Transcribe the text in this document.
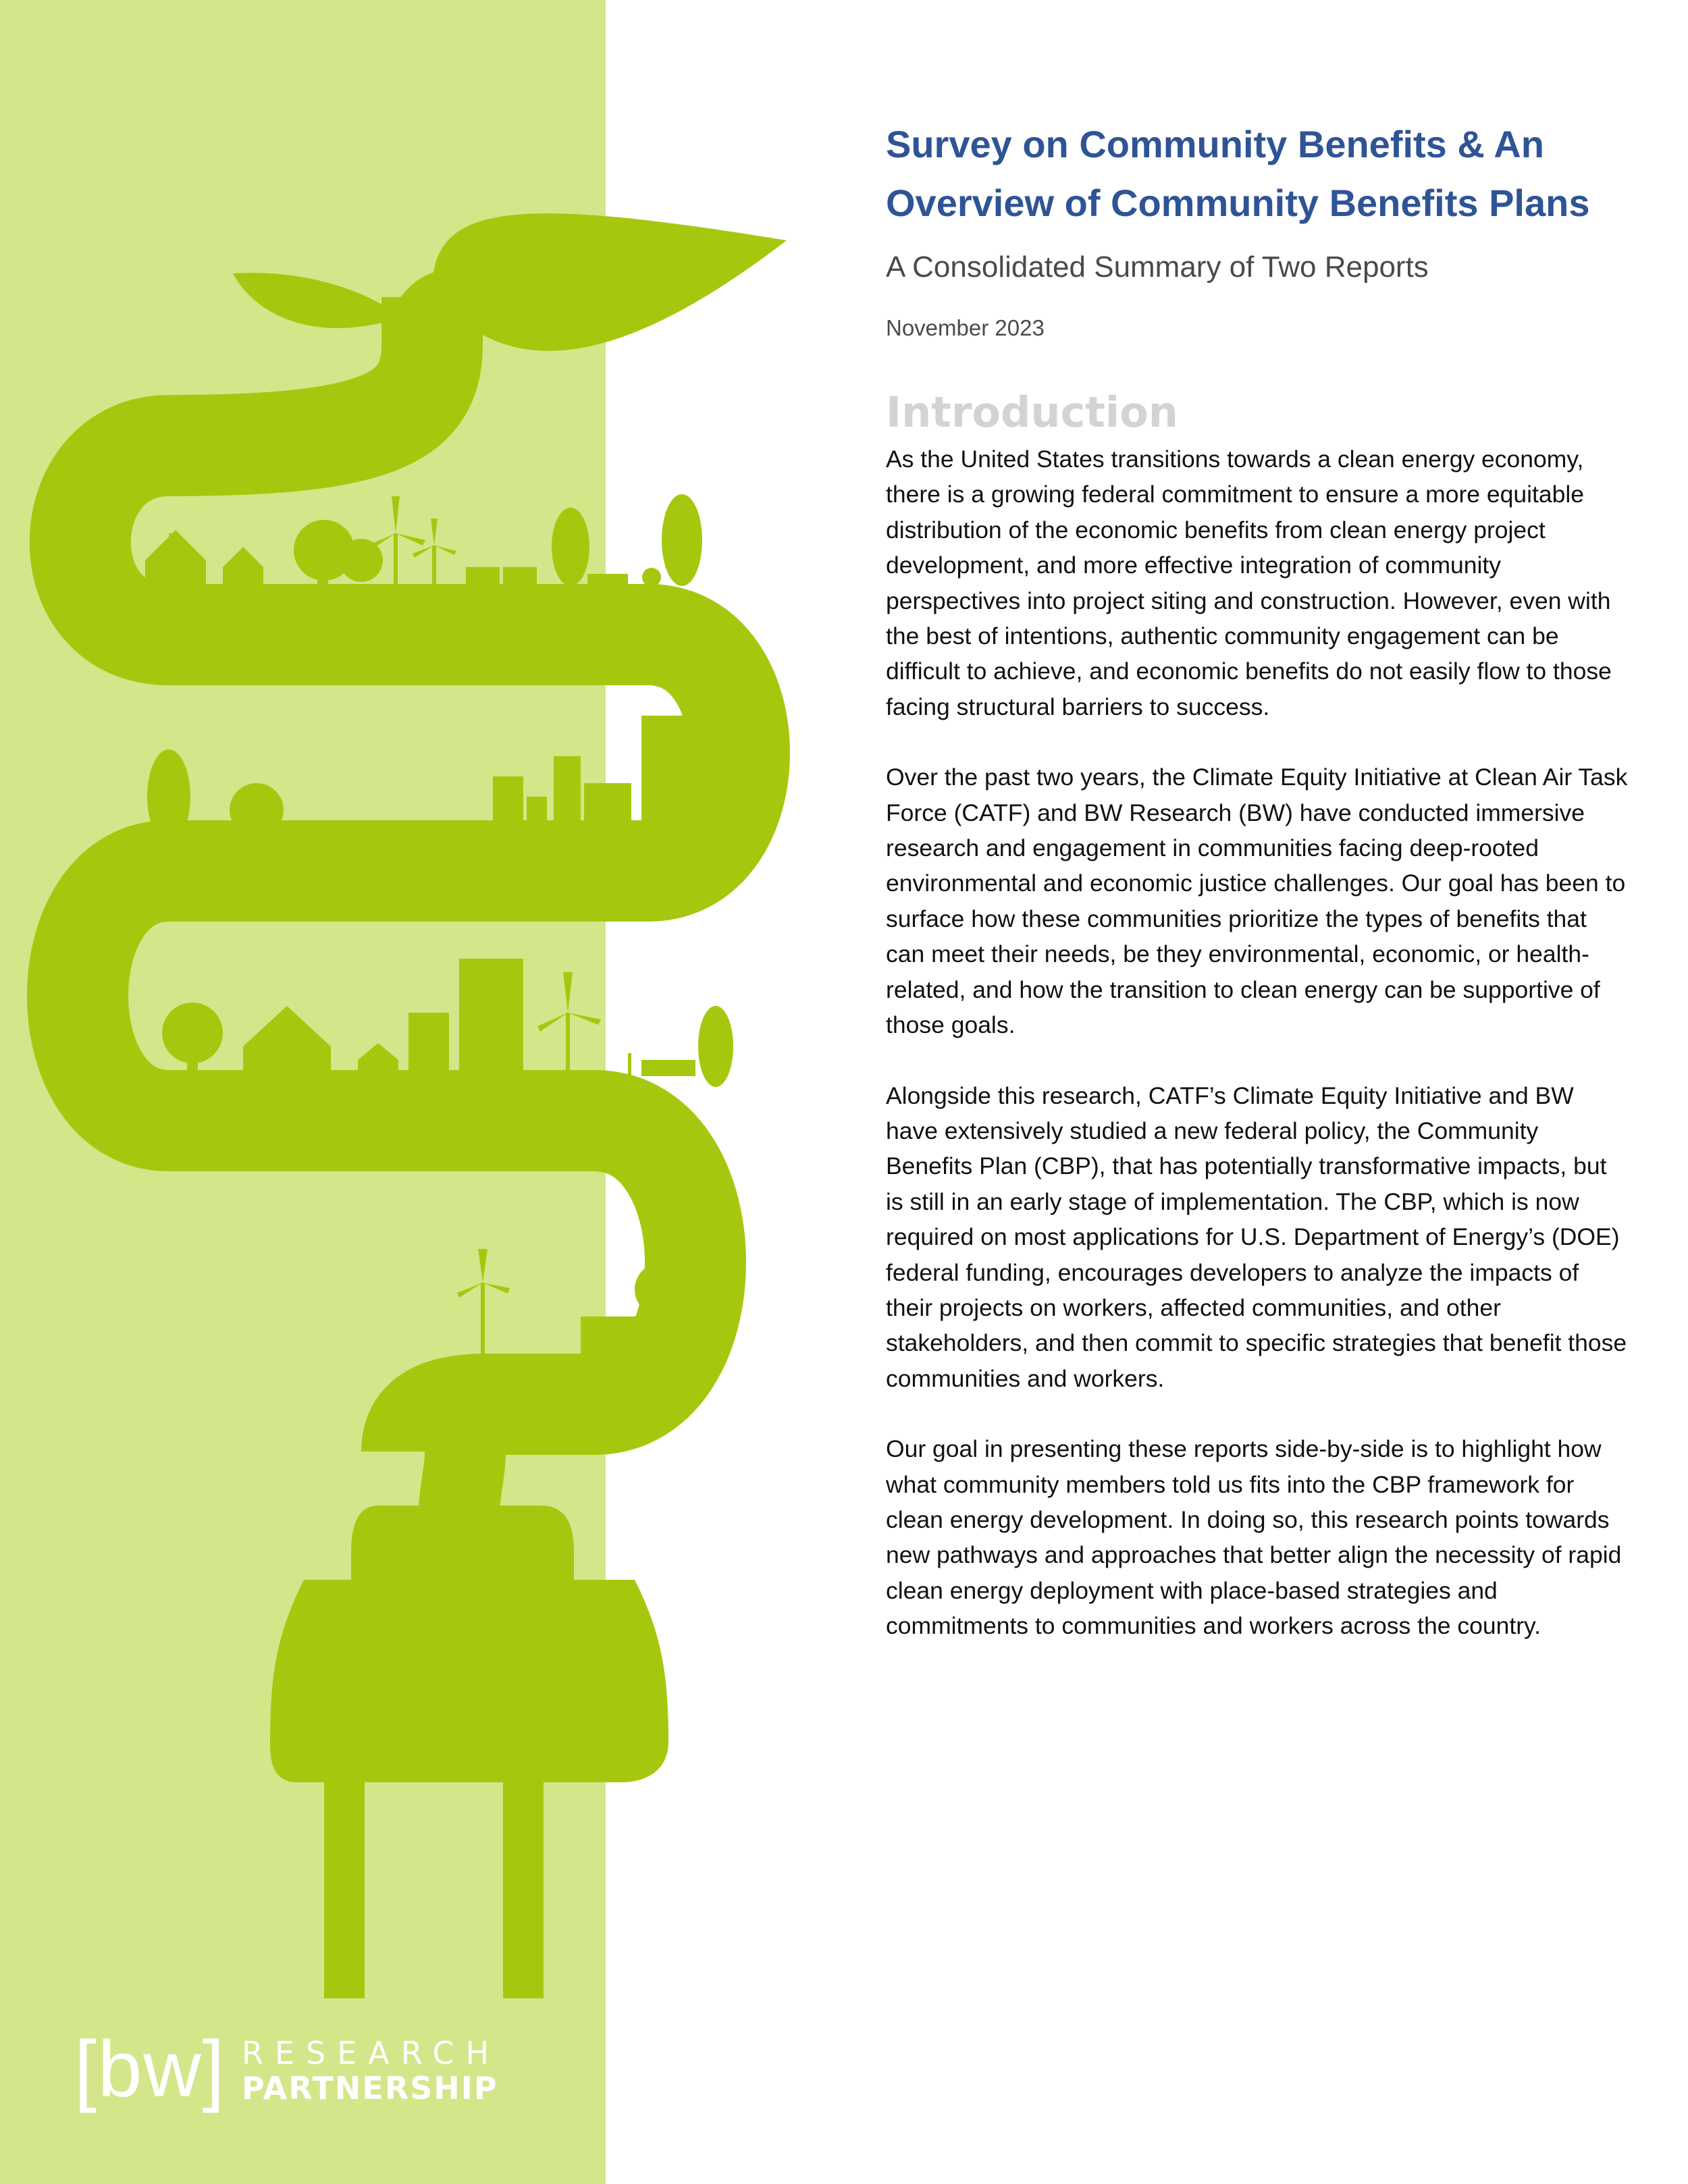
[bw] RESEARCH
PARTNERSHIP
Survey on Community Benefits & An Overview of Community Benefits Plans

A Consolidated Summary of Two Reports

November 2023

Introduction

As the United States transitions towards a clean energy economy, there is a growing federal commitment to ensure a more equitable distribution of the economic benefits from clean energy project development, and more effective integration of community perspectives into project siting and construction. However, even with the best of intentions, authentic community engagement can be difficult to achieve, and economic benefits do not easily flow to those facing structural barriers to success.

Over the past two years, the Climate Equity Initiative at Clean Air Task Force (CATF) and BW Research (BW) have conducted immersive research and engagement in communities facing deep-rooted environmental and economic justice challenges. Our goal has been to surface how these communities prioritize the types of benefits that can meet their needs, be they environmental, economic, or health-related, and how the transition to clean energy can be supportive of those goals.

Alongside this research, CATF’s Climate Equity Initiative and BW have extensively studied a new federal policy, the Community Benefits Plan (CBP), that has potentially transformative impacts, but is still in an early stage of implementation. The CBP, which is now required on most applications for U.S. Department of Energy’s (DOE) federal funding, encourages developers to analyze the impacts of their projects on workers, affected communities, and other stakeholders, and then commit to specific strategies that benefit those communities and workers.

Our goal in presenting these reports side-by-side is to highlight how what community members told us fits into the CBP framework for clean energy development. In doing so, this research points towards new pathways and approaches that better align the necessity of rapid clean energy deployment with place-based strategies and commitments to communities and workers across the country.
